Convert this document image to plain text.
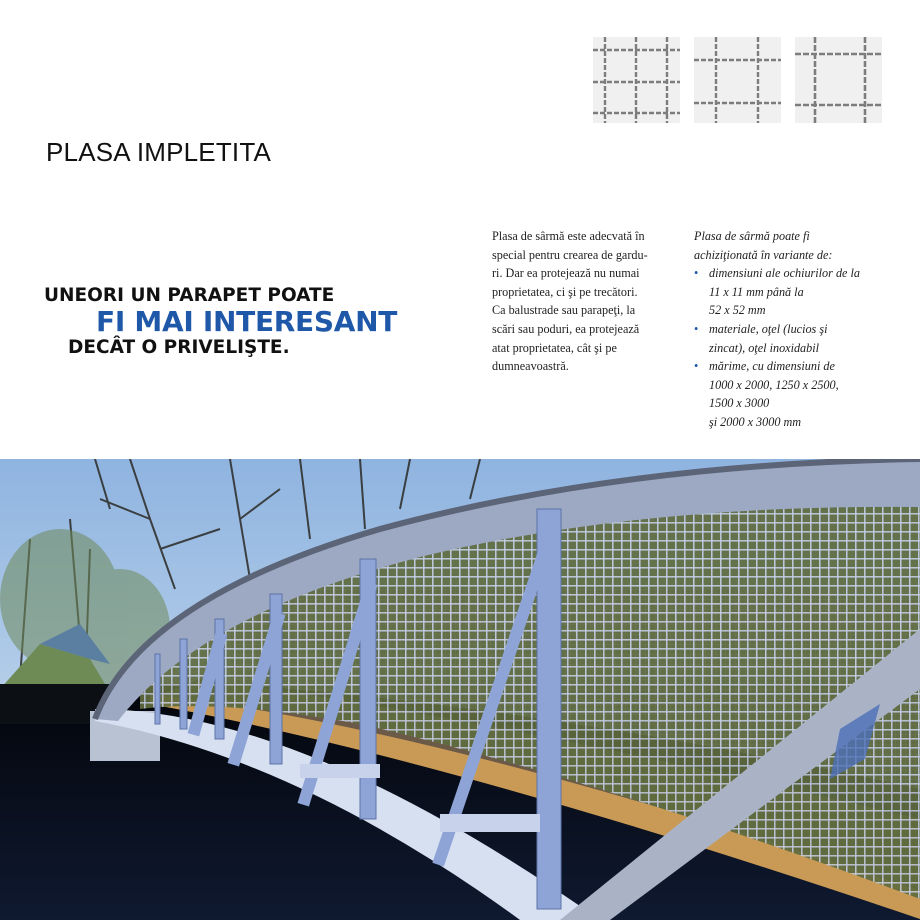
PLASA IMPLETITA
UNEORI UN PARAPET POATE
FI MAI INTERESANT
DECÂT O PRIVELIŞTE.
Plasa de sârmă este adecvată în
special pentru crearea de gardu-
ri. Dar ea protejează nu numai
proprietatea, ci şi pe trecători.
Ca balustrade sau parapeţi, la
scări sau poduri, ea protejează
atat proprietatea, cât şi pe
dumneavoastră.
Plasa de sârmă poate fi
achiziţionată în variante de:
• dimensiuni ale ochiurilor de la
11 x 11 mm până la
52 x 52 mm
• materiale, oţel (lucios şi
zincat), oţel inoxidabil
• mărime, cu dimensiuni de
1000 x 2000, 1250 x 2500,
1500 x 3000
şi 2000 x 3000 mm
